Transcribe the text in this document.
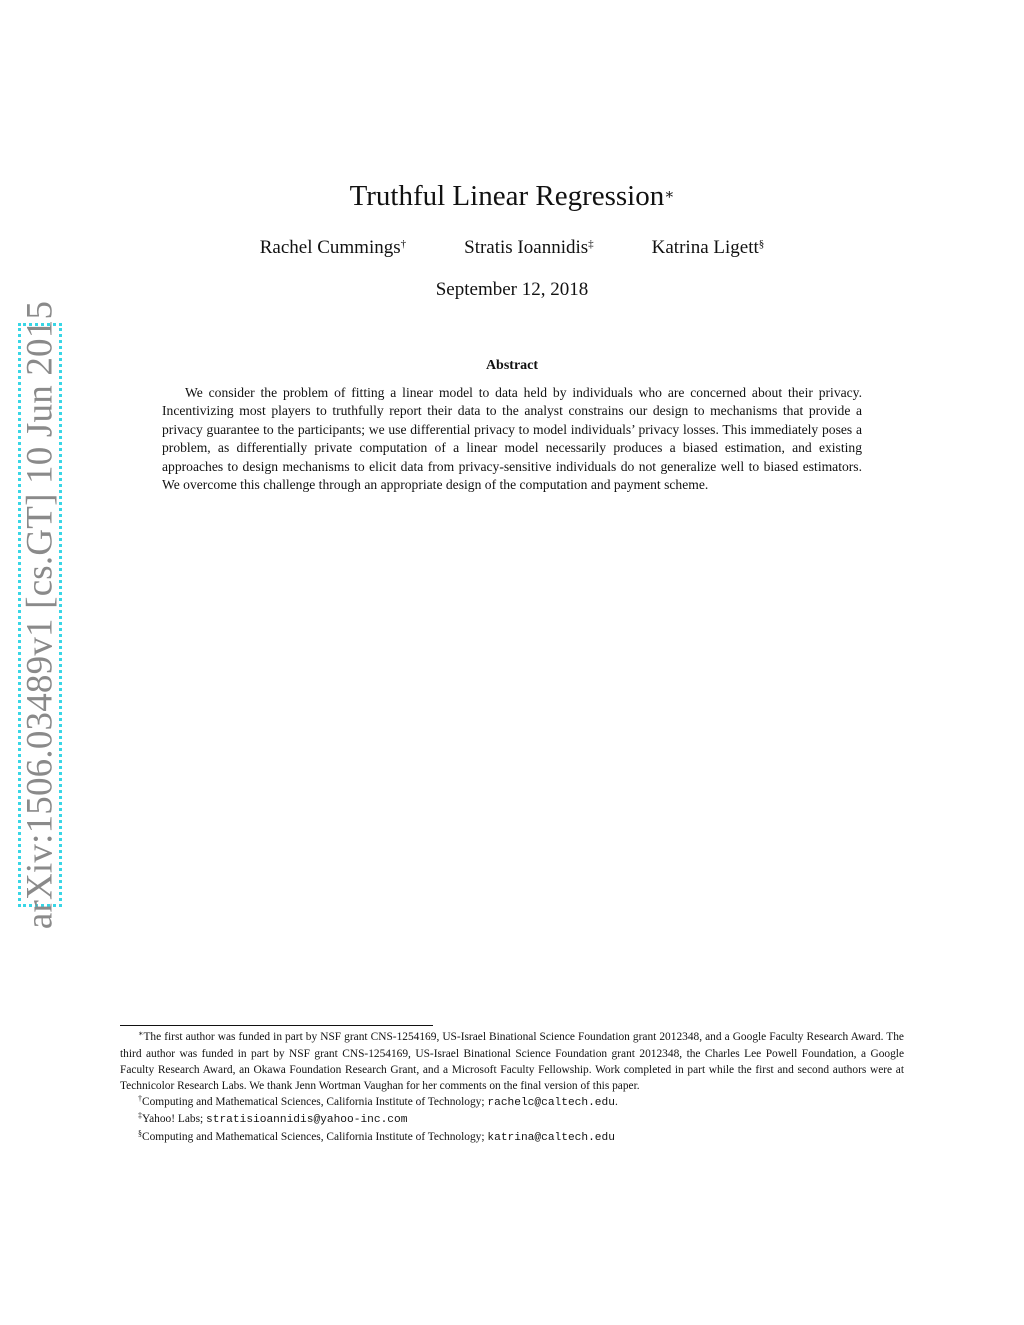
arXiv:1506.03489v1 [cs.GT] 10 Jun 2015
Truthful Linear Regression∗
Rachel Cummings†	Stratis Ioannidis‡	Katrina Ligett§
September 12, 2018
Abstract

We consider the problem of fitting a linear model to data held by individuals who are concerned about their privacy. Incentivizing most players to truthfully report their data to the analyst constrains our design to mechanisms that provide a privacy guarantee to the participants; we use differential privacy to model individuals’ privacy losses. This immediately poses a problem, as differentially private computation of a linear model necessarily produces a biased estimation, and existing approaches to design mechanisms to elicit data from privacy-sensitive individuals do not generalize well to biased estimators. We overcome this challenge through an appropriate design of the computation and payment scheme.

∗The first author was funded in part by NSF grant CNS-1254169, US-Israel Binational Science Foundation grant 2012348, and a Google Faculty Research Award. The third author was funded in part by NSF grant CNS-1254169, US-Israel Binational Science Foundation grant 2012348, the Charles Lee Powell Foundation, a Google Faculty Research Award, an Okawa Foundation Research Grant, and a Microsoft Faculty Fellowship. Work completed in part while the first and second authors were at Technicolor Research Labs. We thank Jenn Wortman Vaughan for her comments on the final version of this paper.

†Computing and Mathematical Sciences, California Institute of Technology; rachelc@caltech.edu.

‡Yahoo! Labs; stratisioannidis@yahoo-inc.com

§Computing and Mathematical Sciences, California Institute of Technology; katrina@caltech.edu
